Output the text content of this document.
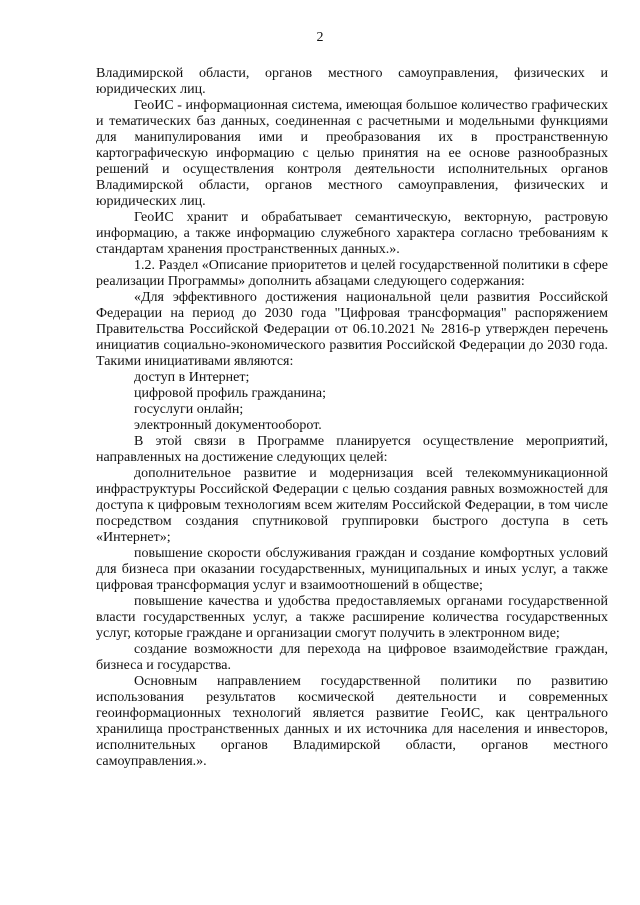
2

Владимирской области, органов местного самоуправления, физических и юридических лиц.

ГеоИС - информационная система, имеющая большое количество графических и тематических баз данных, соединенная с расчетными и модельными функциями для манипулирования ими и преобразования их в пространственную картографическую информацию с целью принятия на ее основе разнообразных решений и осуществления контроля деятельности исполнительных органов Владимирской области, органов местного самоуправления, физических и юридических лиц.

ГеоИС хранит и обрабатывает семантическую, векторную, растровую информацию, а также информацию служебного характера согласно требованиям к стандартам хранения пространственных данных.».

1.2. Раздел «Описание приоритетов и целей государственной политики в сфере реализации Программы» дополнить абзацами следующего содержания:

«Для эффективного достижения национальной цели развития Российской Федерации на период до 2030 года "Цифровая трансформация" распоряжением Правительства Российской Федерации от 06.10.2021 № 2816-р утвержден перечень инициатив социально-экономического развития Российской Федерации до 2030 года. Такими инициативами являются:

доступ в Интернет;

цифровой профиль гражданина;

госуслуги онлайн;

электронный документооборот.

В этой связи в Программе планируется осуществление мероприятий, направленных на достижение следующих целей:

дополнительное развитие и модернизация всей телекоммуникационной инфраструктуры Российской Федерации с целью создания равных возможностей для доступа к цифровым технологиям всем жителям Российской Федерации, в том числе посредством создания спутниковой группировки быстрого доступа в сеть «Интернет»;

повышение скорости обслуживания граждан и создание комфортных условий для бизнеса при оказании государственных, муниципальных и иных услуг, а также цифровая трансформация услуг и взаимоотношений в обществе;

повышение качества и удобства предоставляемых органами государственной власти государственных услуг, а также расширение количества государственных услуг, которые граждане и организации смогут получить в электронном виде;

создание возможности для перехода на цифровое взаимодействие граждан, бизнеса и государства.

Основным направлением государственной политики по развитию использования результатов космической деятельности и современных геоинформационных технологий является развитие ГеоИС, как центрального хранилища пространственных данных и их источника для населения и инвесторов, исполнительных органов Владимирской области, органов местного самоуправления.».
